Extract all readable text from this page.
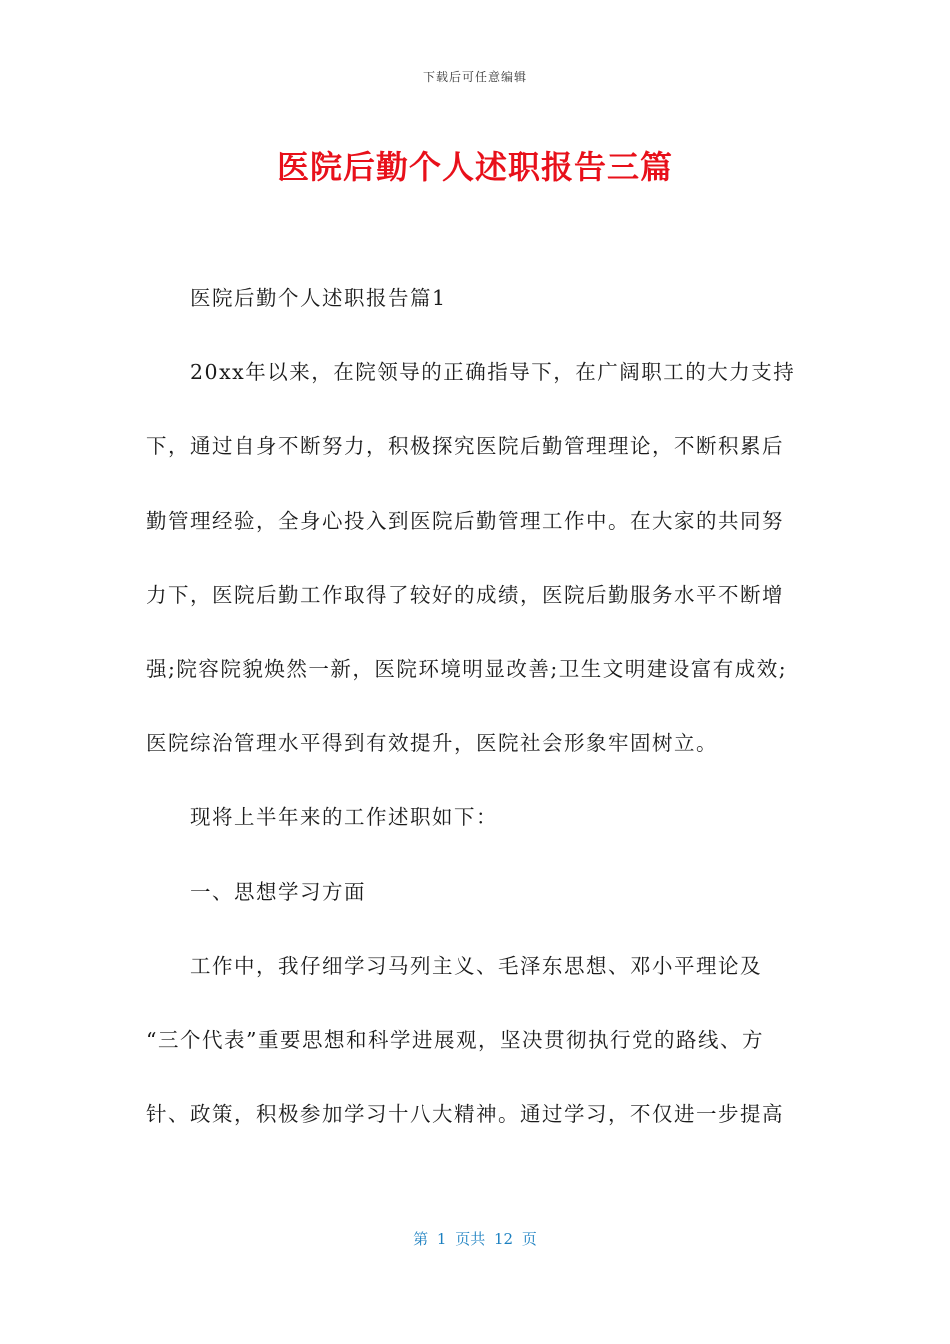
下载后可任意编辑
医院后勤个人述职报告三篇
医院后勤个人述职报告篇1
20xx年以来，在院领导的正确指导下，在广阔职工的大力支持
下，通过自身不断努力，积极探究医院后勤管理理论，不断积累后
勤管理经验，全身心投入到医院后勤管理工作中。在大家的共同努
力下，医院后勤工作取得了较好的成绩，医院后勤服务水平不断增
强;院容院貌焕然一新，医院环境明显改善;卫生文明建设富有成效;
医院综治管理水平得到有效提升，医院社会形象牢固树立。
现将上半年来的工作述职如下：
一、思想学习方面
工作中，我仔细学习马列主义、毛泽东思想、邓小平理论及
“三个代表”重要思想和科学进展观，坚决贯彻执行党的路线、方
针、政策，积极参加学习十八大精神。通过学习，不仅进一步提高
第 1 页共 12 页
